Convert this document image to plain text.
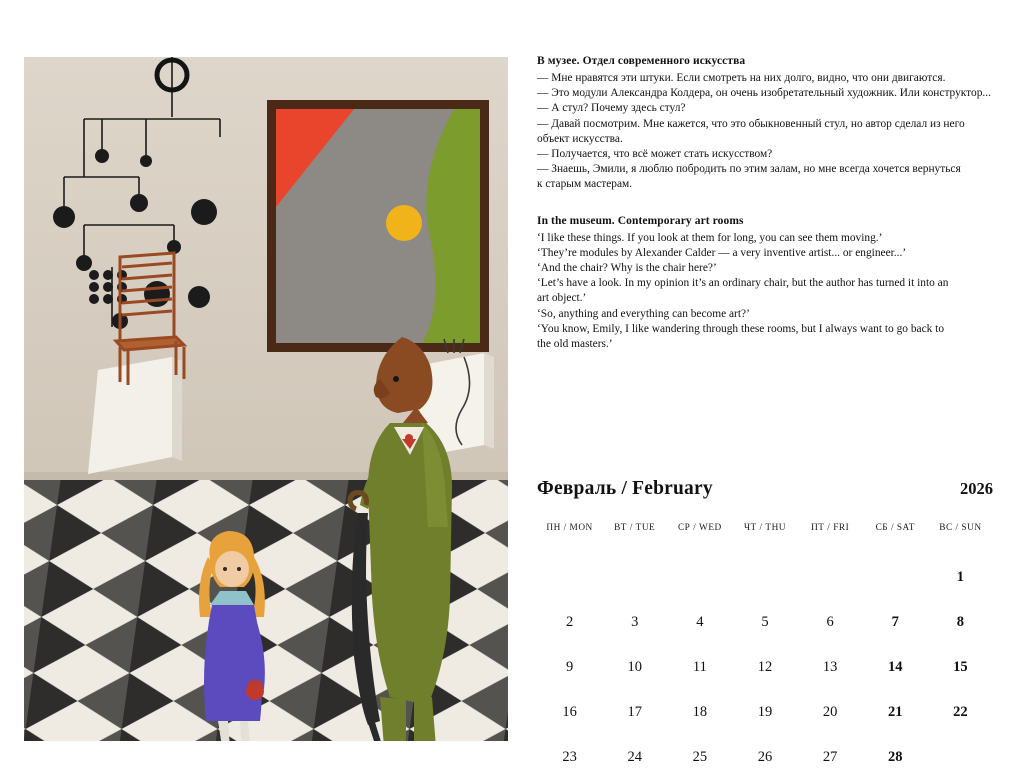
В музее. Отдел современного искусства

— Мне нравятся эти штуки. Если смотреть на них долго, видно, что они двигаются.

— Это модули Александра Колдера, он очень изобретательный художник. Или конструктор...

— А стул? Почему здесь стул?

— Давай посмотрим. Мне кажется, что это обыкновенный стул, но автор сделал из него

объект искусства.

— Получается, что всё может стать искусством?

— Знаешь, Эмили, я люблю побродить по этим залам, но мне всегда хочется вернуться

к старым мастерам.

In the museum. Contemporary art rooms

‘I like these things. If you look at them for long, you can see them moving.’

‘They’re modules by Alexander Calder — a very inventive artist... or engineer...’

‘And the chair? Why is the chair here?’

‘Let’s have a look. In my opinion it’s an ordinary chair, but the author has turned it into an

art object.’

‘So, anything and everything can become art?’

‘You know, Emily, I like wandering through these rooms, but I always want to go back to

the old masters.’

Февраль / February	2026
ПН / MON	ВТ / TUE	СР / WED	ЧТ / THU	ПТ / FRI	СБ / SAT	ВС / SUN
						1
2	3	4	5	6	7	8
9	10	11	12	13	14	15
16	17	18	19	20	21	22
23	24	25	26	27	28	
